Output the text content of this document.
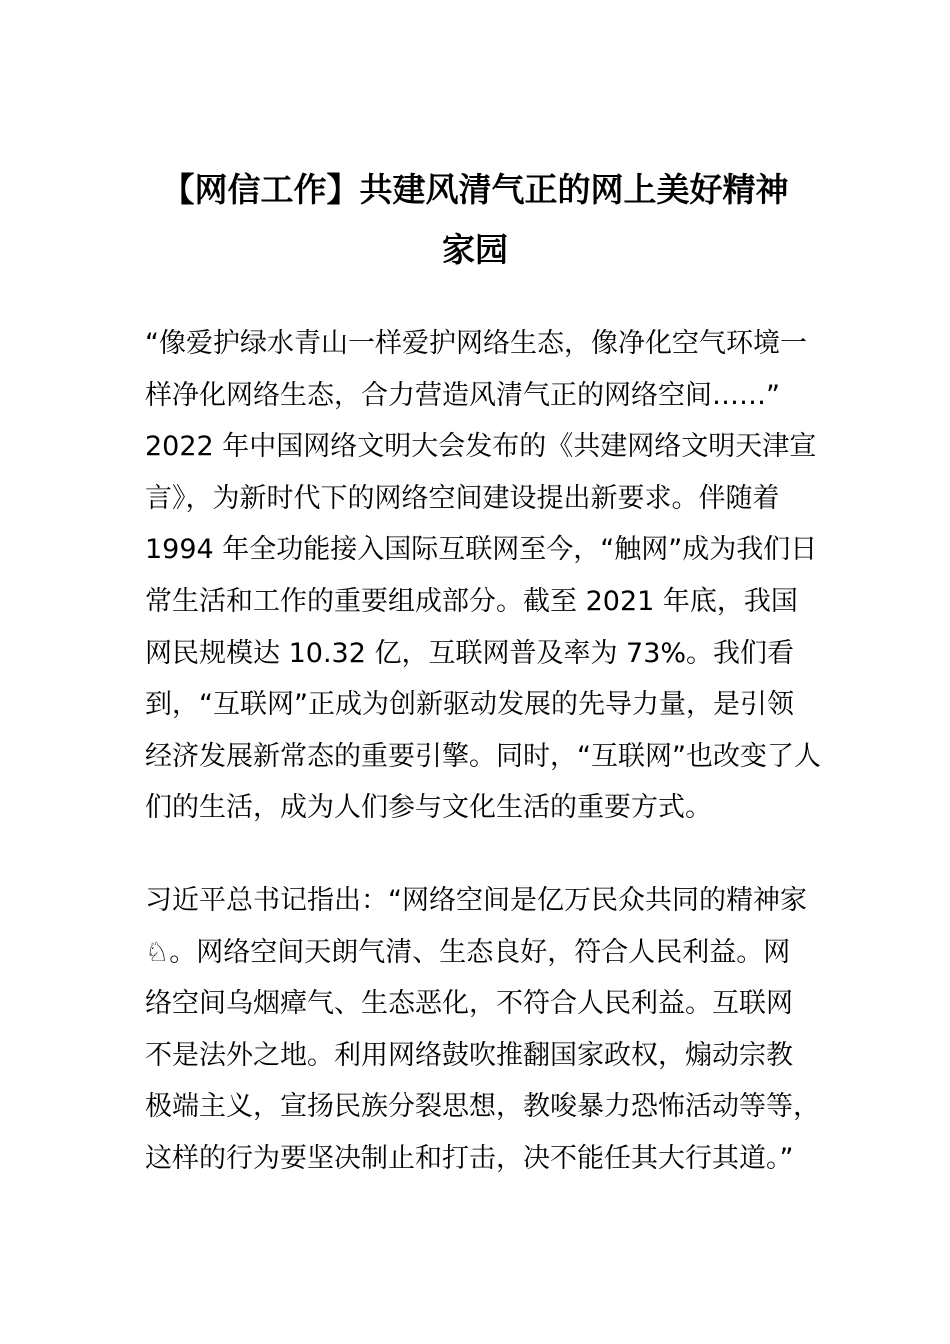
【网信工作】共建风清气正的网上美好精神
家园

“像爱护绿水青山一样爱护网络生态，像净化空气环境一
样净化网络生态，合力营造风清气正的网络空间……”
2022 年中国网络文明大会发布的《共建网络文明天津宣
言》，为新时代下的网络空间建设提出新要求。伴随着
1994 年全功能接入国际互联网至今，“触网”成为我们日
常生活和工作的重要组成部分。截至 2021 年底，我国
网民规模达 10.32 亿，互联网普及率为 73%。我们看
到，“互联网”正成为创新驱动发展的先导力量，是引领
经济发展新常态的重要引擎。同时，“互联网”也改变了人
们的生活，成为人们参与文化生活的重要方式。

习近平总书记指出：“网络空间是亿万民众共同的精神家
♘。网络空间天朗气清、生态良好，符合人民利益。网
络空间乌烟瘴气、生态恶化，不符合人民利益。互联网
不是法外之地。利用网络鼓吹推翻国家政权，煽动宗教
极端主义，宣扬民族分裂思想，教唆暴力恐怖活动等等，
这样的行为要坚决制止和打击，决不能任其大行其道。”
